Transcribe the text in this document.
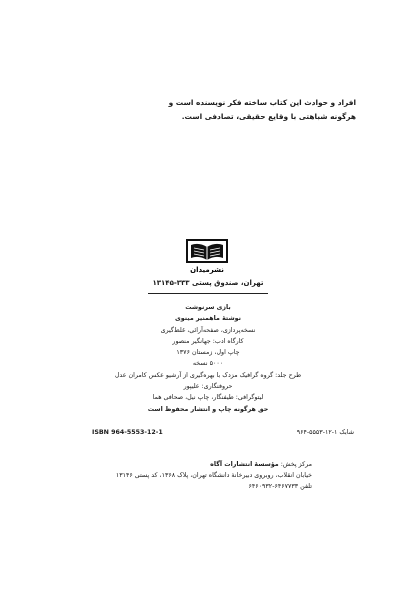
افراد و حوادث این کتاب ساخته فکر نویسنده است و
هرگونه شباهتی با وقایع حقیقی، تصادفی است.
نشرمیدان
تهران، صندوق پستی ۳۳۳-۱۳۱۴۵
بازی سرنوشت
نوشتهٔ ماهمنیر مینوی
نسخه‌پردازی، صفحه‌آرائی، غلط‌گیری
کارگاه ادب: جهانگیر منصور
چاپ اول، زمستان ۱۳۷۶
۵۰۰۰ نسخه
طرح جلد: گروه گرافیک مزدک با بهره‌گیری از آرشیو عکس کامران عدل
حروفنگاری: علیپور
لیتوگرافی: طیفنگار، چاپ نیل، صحافی هما
حق هرگونه چاپ و انتشار محفوظ است
شابک ۱-۱۲-۵۵۵۳-۹۶۴
ISBN 964-5553-12-1
مرکز پخش: مؤسسهٔ انتشارات آگاه
خیابان انقلاب، روبروی دبیرخانهٔ دانشگاه تهران، پلاک ۱۳۶۸، کد پستی ۱۳۱۴۶
تلفن ۶۴۶۷۷۳۳-۶۴۶۰۹۳۲
